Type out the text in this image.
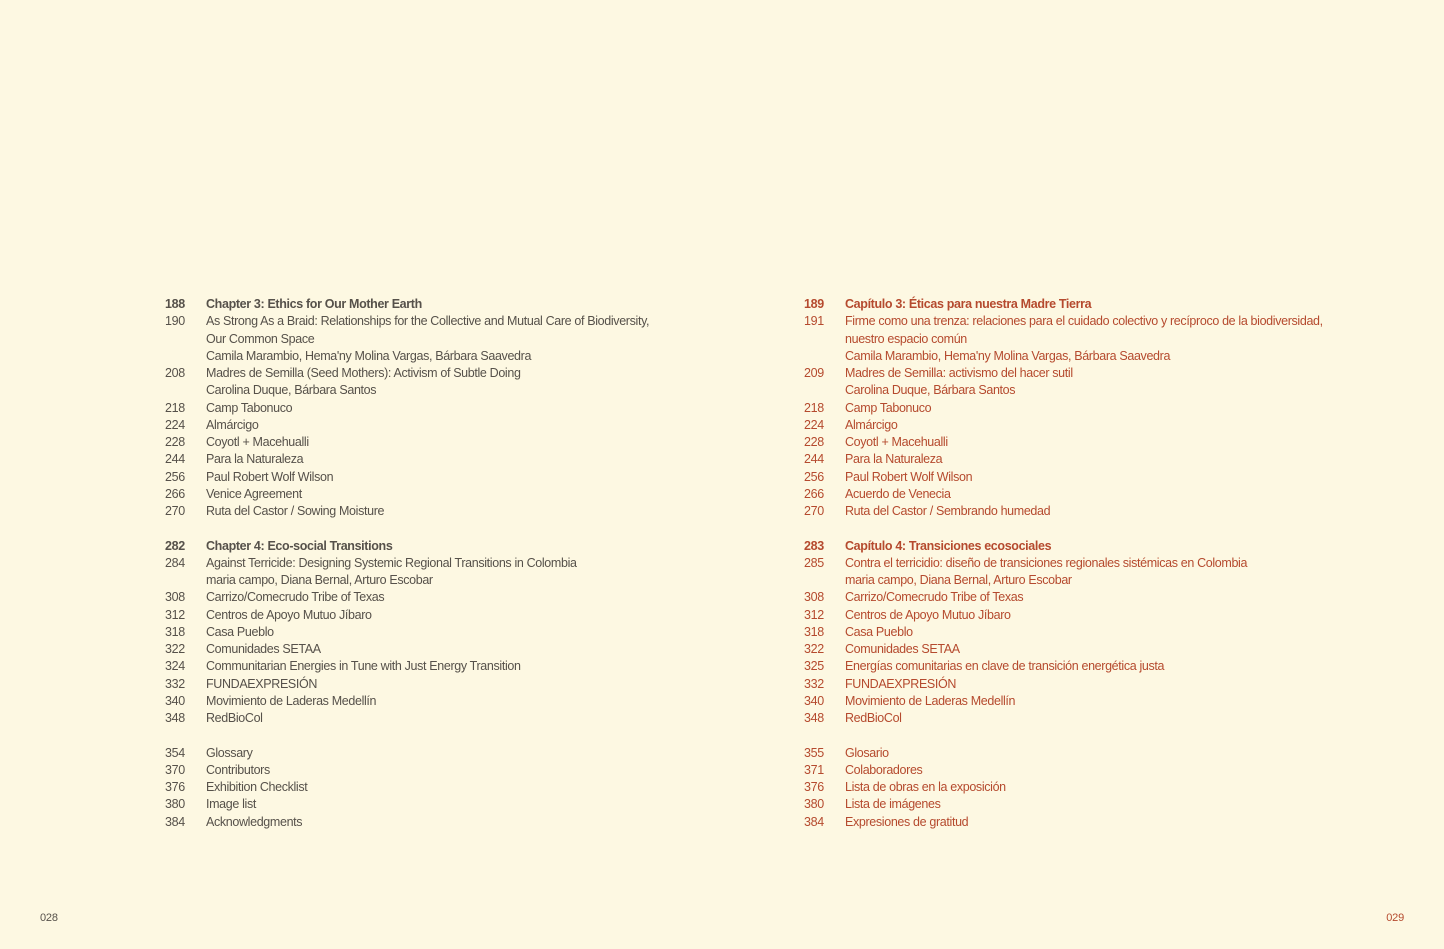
188	Chapter 3: Ethics for Our Mother Earth
190	As Strong As a Braid: Relationships for the Collective and Mutual Care of Biodiversity,
Our Common Space
Camila Marambio, Hema'ny Molina Vargas, Bárbara Saavedra
208	Madres de Semilla (Seed Mothers): Activism of Subtle Doing
Carolina Duque, Bárbara Santos
218	Camp Tabonuco
224	Almárcigo
228	Coyotl + Macehualli
244	Para la Naturaleza
256	Paul Robert Wolf Wilson
266	Venice Agreement
270	Ruta del Castor / Sowing Moisture
282	Chapter 4: Eco-social Transitions
284	Against Terricide: Designing Systemic Regional Transitions in Colombia
maria campo, Diana Bernal, Arturo Escobar
308	Carrizo/Comecrudo Tribe of Texas
312	Centros de Apoyo Mutuo Jíbaro
318	Casa Pueblo
322	Comunidades SETAA
324	Communitarian Energies in Tune with Just Energy Transition
332	FUNDAEXPRESIÓN
340	Movimiento de Laderas Medellín
348	RedBioCol
354	Glossary
370	Contributors
376	Exhibition Checklist
380	Image list
384	Acknowledgments
028
189	Capítulo 3: Éticas para nuestra Madre Tierra
191	Firme como una trenza: relaciones para el cuidado colectivo y recíproco de la biodiversidad,
nuestro espacio común
Camila Marambio, Hema'ny Molina Vargas, Bárbara Saavedra
209	Madres de Semilla: activismo del hacer sutil
Carolina Duque, Bárbara Santos
218	Camp Tabonuco
224	Almárcigo
228	Coyotl + Macehualli
244	Para la Naturaleza
256	Paul Robert Wolf Wilson
266	Acuerdo de Venecia
270	Ruta del Castor / Sembrando humedad
283	Capítulo 4: Transiciones ecosociales
285	Contra el terricidio: diseño de transiciones regionales sistémicas en Colombia
maria campo, Diana Bernal, Arturo Escobar
308	Carrizo/Comecrudo Tribe of Texas
312	Centros de Apoyo Mutuo Jíbaro
318	Casa Pueblo
322	Comunidades SETAA
325	Energías comunitarias en clave de transición energética justa
332	FUNDAEXPRESIÓN
340	Movimiento de Laderas Medellín
348	RedBioCol
355	Glosario
371	Colaboradores
376	Lista de obras en la exposición
380	Lista de imágenes
384	Expresiones de gratitud
029
